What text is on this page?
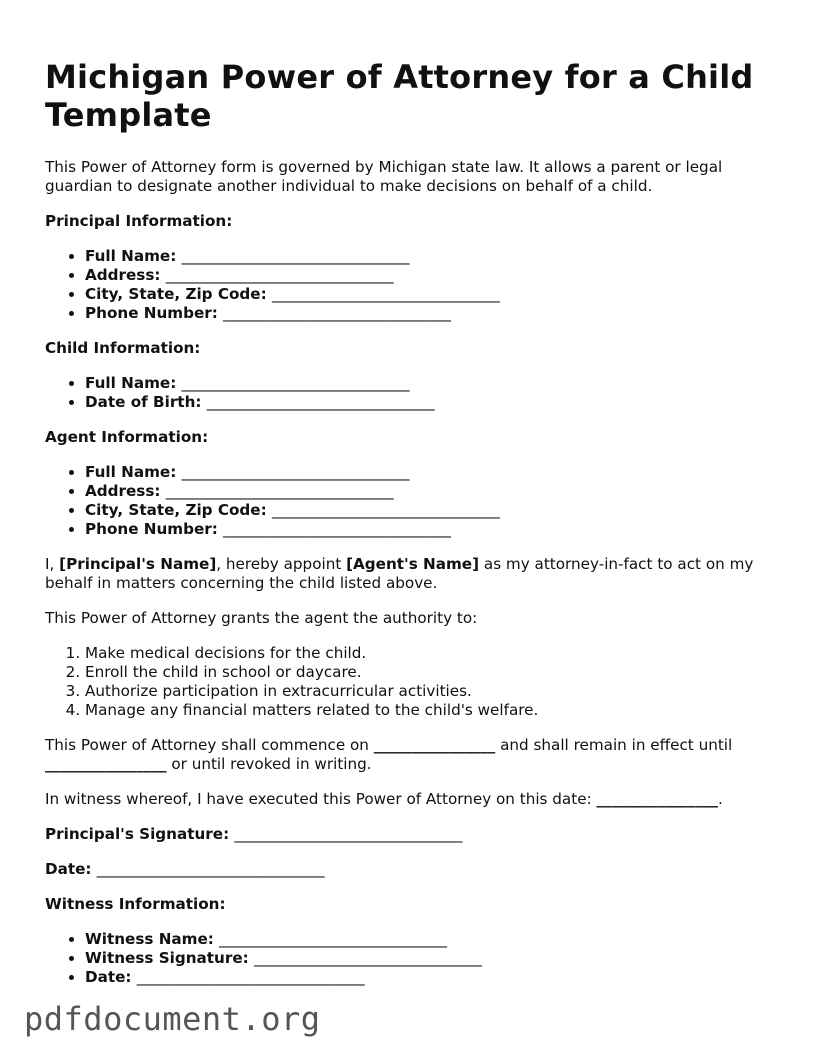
Michigan Power of Attorney for a Child Template

This Power of Attorney form is governed by Michigan state law. It allows a parent or legal guardian to designate another individual to make decisions on behalf of a child.

Principal Information:
• Full Name: ______________________________
• Address: ______________________________
• City, State, Zip Code: ______________________________
• Phone Number: ______________________________
Child Information:
• Full Name: ______________________________
• Date of Birth: ______________________________
Agent Information:
• Full Name: ______________________________
• Address: ______________________________
• City, State, Zip Code: ______________________________
• Phone Number: ______________________________

I, [Principal's Name], hereby appoint [Agent's Name] as my attorney-in-fact to act on my behalf in matters concerning the child listed above.

This Power of Attorney grants the agent the authority to:

1. Make medical decisions for the child.
2. Enroll the child in school or daycare.
3. Authorize participation in extracurricular activities.
4. Manage any financial matters related to the child's welfare.

This Power of Attorney shall commence on ________________ and shall remain in effect until ________________ or until revoked in writing.

In witness whereof, I have executed this Power of Attorney on this date: ________________.

Principal's Signature: ______________________________

Date: ______________________________

Witness Information:
• Witness Name: ______________________________
• Witness Signature: ______________________________
• Date: ______________________________
pdfdocument.org
